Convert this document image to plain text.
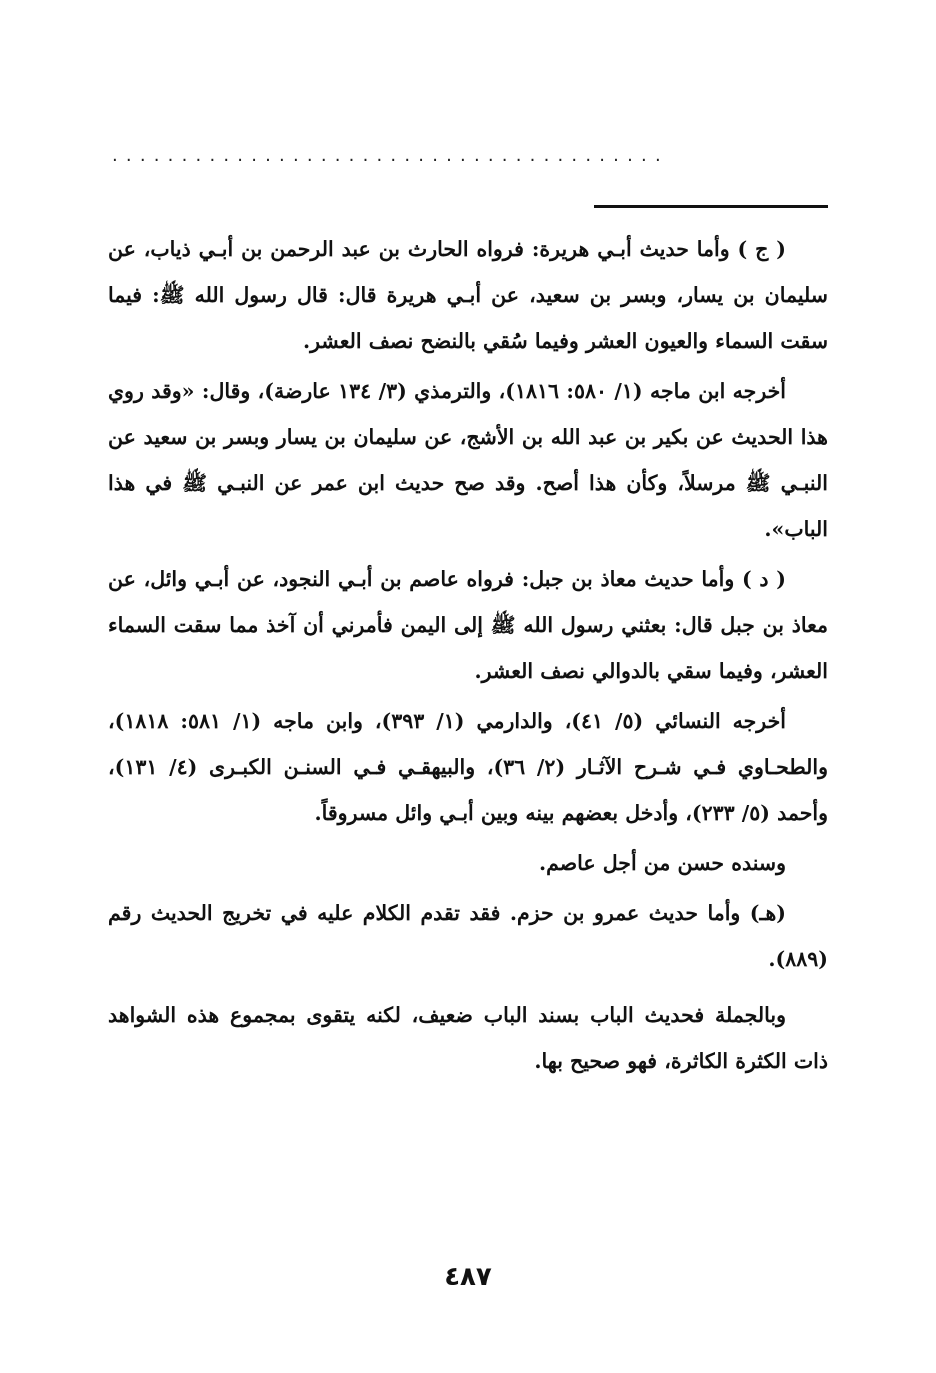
........................................

( ج ) وأما حديث أبـي هريرة: فرواه الحارث بن عبد الرحمن بن أبـي ذياب، عن سليمان بن يسار، وبسر بن سعيد، عن أبـي هريرة قال: قال رسول الله ﷺ: فيما سقت السماء والعيون العشر وفيما سُقي بالنضح نصف العشر.

أخرجه ابن ماجه (١/ ٥٨٠: ١٨١٦)، والترمذي (٣/ ١٣٤ عارضة)، وقال: «وقد روي هذا الحديث عن بكير بن عبد الله بن الأشج، عن سليمان بن يسار وبسر بن سعيد عن النبـي ﷺ مرسلاً، وكأن هذا أصح. وقد صح حديث ابن عمر عن النبـي ﷺ في هذا الباب».

( د ) وأما حديث معاذ بن جبل: فرواه عاصم بن أبـي النجود، عن أبـي وائل، عن معاذ بن جبل قال: بعثني رسول الله ﷺ إلى اليمن فأمرني أن آخذ مما سقت السماء العشر، وفيما سقي بالدوالي نصف العشر.

أخرجه النسائي (٥/ ٤١)، والدارمي (١/ ٣٩٣)، وابن ماجه (١/ ٥٨١: ١٨١٨)، والطحـاوي فـي شـرح الآثـار (٢/ ٣٦)، والبيهقـي فـي السنـن الكبـرى (٤/ ١٣١)، وأحمد (٥/ ٢٣٣)، وأدخل بعضهم بينه وبين أبـي وائل مسروقاً.

وسنده حسن من أجل عاصم.

(هـ) وأما حديث عمرو بن حزم. فقد تقدم الكلام عليه في تخريج الحديث رقم (٨٨٩).

وبالجملة فحديث الباب بسند الباب ضعيف، لكنه يتقوى بمجموع هذه الشواهد ذات الكثرة الكاثرة، فهو صحيح بها.

٤٨٧
